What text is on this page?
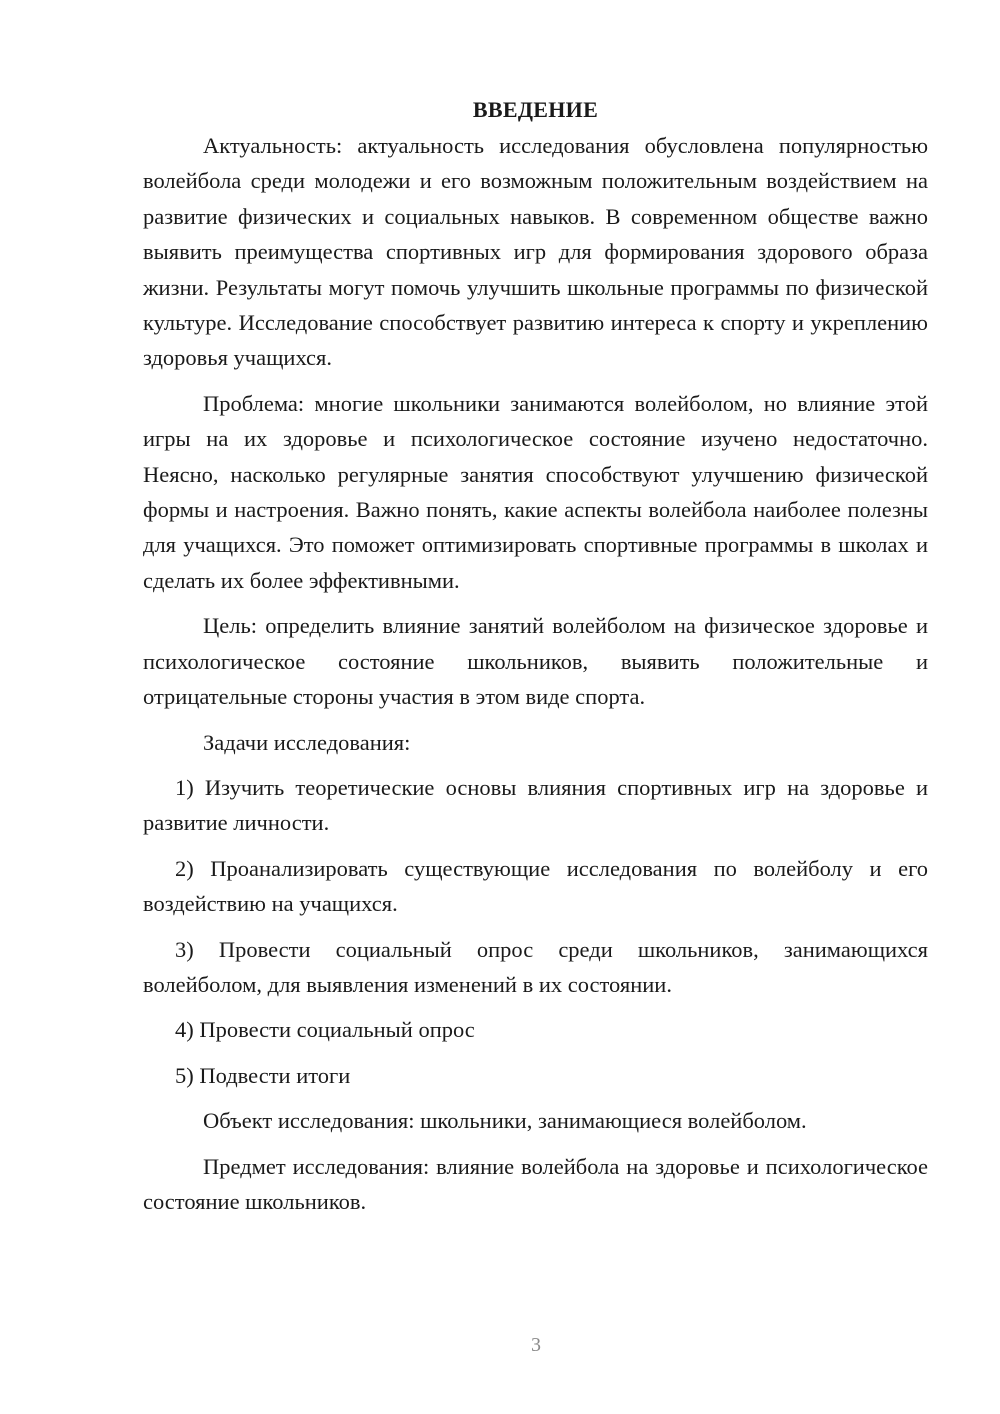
ВВЕДЕНИЕ

Актуальность: актуальность исследования обусловлена популярностью волейбола среди молодежи и его возможным положительным воздействием на развитие физических и социальных навыков. В современном обществе важно выявить преимущества спортивных игр для формирования здорового образа жизни. Результаты могут помочь улучшить школьные программы по физической культуре. Исследование способствует развитию интереса к спорту и укреплению здоровья учащихся.

Проблема: многие школьники занимаются волейболом, но влияние этой игры на их здоровье и психологическое состояние изучено недостаточно. Неясно, насколько регулярные занятия способствуют улучшению физической формы и настроения. Важно понять, какие аспекты волейбола наиболее полезны для учащихся. Это поможет оптимизировать спортивные программы в школах и сделать их более эффективными.

Цель: определить влияние занятий волейболом на физическое здоровье и психологическое состояние школьников, выявить положительные и отрицательные стороны участия в этом виде спорта.

Задачи исследования:

1) Изучить теоретические основы влияния спортивных игр на здоровье и развитие личности.

2) Проанализировать существующие исследования по волейболу и его воздействию на учащихся.

3) Провести социальный опрос среди школьников, занимающихся волейболом, для выявления изменений в их состоянии.

4) Провести социальный опрос

5) Подвести итоги

Объект исследования: школьники, занимающиеся волейболом.

Предмет исследования: влияние волейбола на здоровье и психологическое состояние школьников.

3
